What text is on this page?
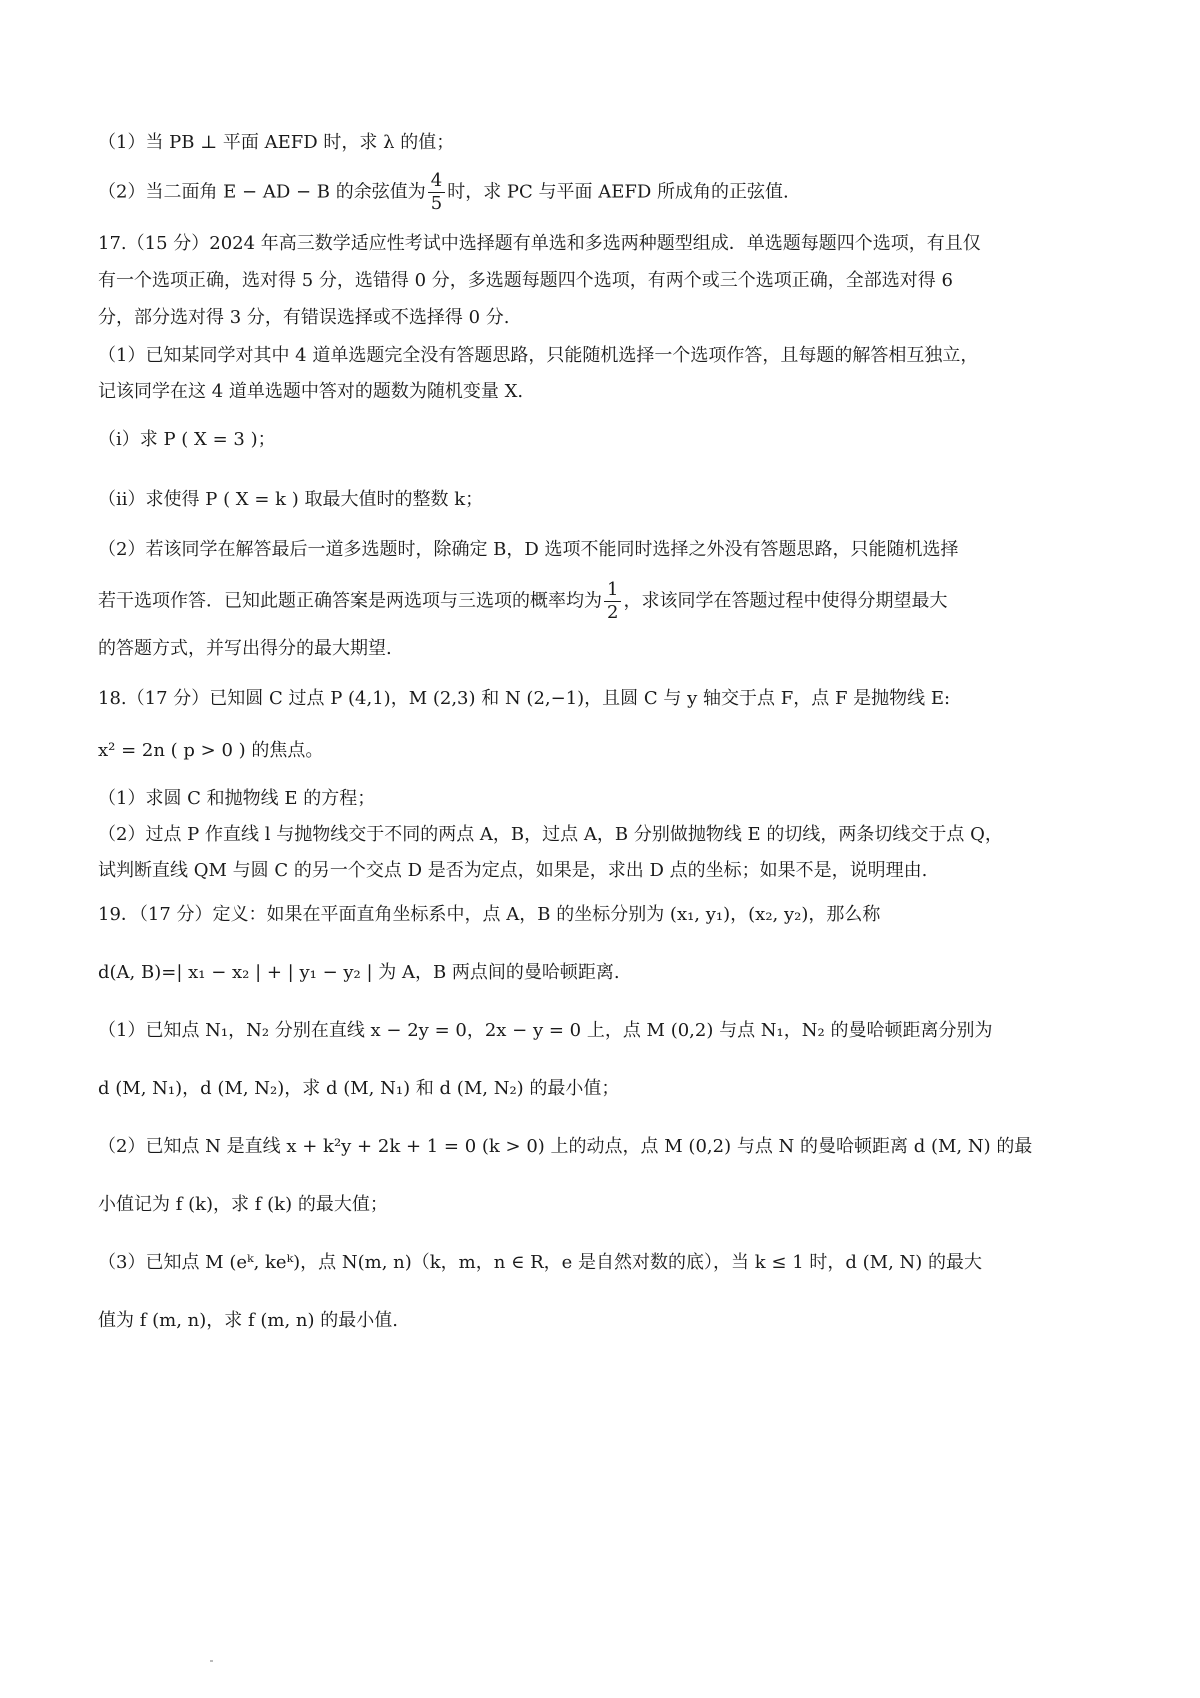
（1）当 PB ⊥ 平面 AEFD 时，求 λ 的值；
（2）当二面角 E − AD − B 的余弦值为 $\frac{4}{5}$ 时，求 PC 与平面 AEFD 所成角的正弦值.
17.（15 分）2024 年高三数学适应性考试中选择题有单选和多选两种题型组成．单选题每题四个选项，有且仅
有一个选项正确，选对得 5 分，选错得 0 分，多选题每题四个选项，有两个或三个选项正确，全部选对得 6
分，部分选对得 3 分，有错误选择或不选择得 0 分.
（1）已知某同学对其中 4 道单选题完全没有答题思路，只能随机选择一个选项作答，且每题的解答相互独立，
记该同学在这 4 道单选题中答对的题数为随机变量 X.
（i）求 P ( X = 3 )；
（ii）求使得 P ( X = k ) 取最大值时的整数 k；
（2）若该同学在解答最后一道多选题时，除确定 B，D 选项不能同时选择之外没有答题思路，只能随机选择
若干选项作答．已知此题正确答案是两选项与三选项的概率均为 $\frac{1}{2}$ ，求该同学在答题过程中使得分期望最大
的答题方式，并写出得分的最大期望.
18.（17 分）已知圆 C 过点 P (4,1)，M (2,3) 和 N (2,−1)，且圆 C 与 y 轴交于点 F，点 F 是抛物线 E:
x² = 2n ( p > 0 ) 的焦点。
（1）求圆 C 和抛物线 E 的方程；
（2）过点 P 作直线 l 与抛物线交于不同的两点 A，B，过点 A，B 分别做抛物线 E 的切线，两条切线交于点 Q，
试判断直线 QM 与圆 C 的另一个交点 D 是否为定点，如果是，求出 D 点的坐标；如果不是，说明理由.
19．（17 分）定义：如果在平面直角坐标系中，点 A，B 的坐标分别为 (x₁, y₁)，(x₂, y₂)，那么称
d(A, B)=| x₁ − x₂ | + | y₁ − y₂ | 为 A，B 两点间的曼哈顿距离.
（1）已知点 N₁，N₂ 分别在直线 x − 2y = 0，2x − y = 0 上，点 M (0,2) 与点 N₁，N₂ 的曼哈顿距离分别为
d (M, N₁)，d (M, N₂)，求 d (M, N₁) 和 d (M, N₂) 的最小值；
（2）已知点 N 是直线 x + k²y + 2k + 1 = 0 (k > 0) 上的动点，点 M (0,2) 与点 N 的曼哈顿距离 d (M, N) 的最
小值记为 f (k)，求 f (k) 的最大值；
（3）已知点 M (eᵏ, keᵏ)，点 N(m, n)（k，m，n ∈ R，e 是自然对数的底），当 k ≤ 1 时，d (M, N) 的最大
值为 f (m, n)，求 f (m, n) 的最小值.
